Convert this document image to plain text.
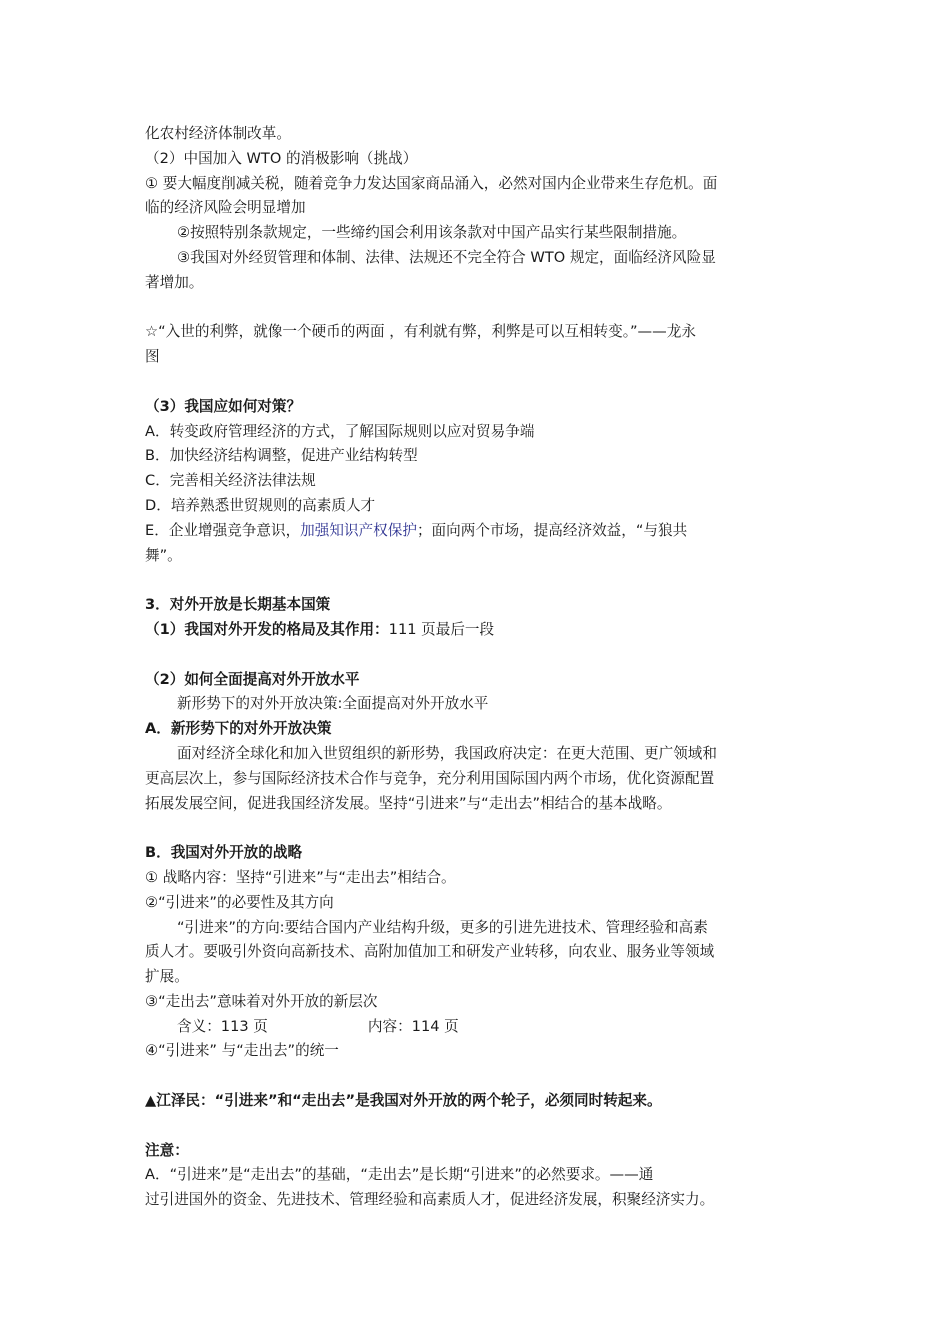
化农村经济体制改革。
（2）中国加入 WTO 的消极影响（挑战）
① 要大幅度削减关税，随着竞争力发达国家商品涌入，必然对国内企业带来生存危机。面
临的经济风险会明显增加
②按照特别条款规定，一些缔约国会利用该条款对中国产品实行某些限制措施。
③我国对外经贸管理和体制、法律、法规还不完全符合 WTO 规定，面临经济风险显
著增加。
☆“入世的利弊，就像一个硬币的两面 ，有利就有弊，利弊是可以互相转变。”——龙永
图
（3）我国应如何对策？
A．转变政府管理经济的方式，了解国际规则以应对贸易争端
B．加快经济结构调整，促进产业结构转型
C．完善相关经济法律法规
D．培养熟悉世贸规则的高素质人才
E．企业增强竞争意识，加强知识产权保护；面向两个市场，提高经济效益，“与狼共
舞”。
3．对外开放是长期基本国策
（1）我国对外开发的格局及其作用：111 页最后一段
（2）如何全面提高对外开放水平
新形势下的对外开放决策:全面提高对外开放水平
A．新形势下的对外开放决策
面对经济全球化和加入世贸组织的新形势，我国政府决定：在更大范围、更广领域和
更高层次上，参与国际经济技术合作与竞争，充分利用国际国内两个市场，优化资源配置
拓展发展空间，促进我国经济发展。坚持“引进来”与“走出去”相结合的基本战略。
B．我国对外开放的战略
① 战略内容：坚持“引进来”与“走出去”相结合。
②“引进来”的必要性及其方向
“引进来”的方向:要结合国内产业结构升级，更多的引进先进技术、管理经验和高素
质人才。要吸引外资向高新技术、高附加值加工和研发产业转移，向农业、服务业等领域
扩展。
③“走出去”意味着对外开放的新层次
含义：113 页	内容：114 页
④“引进来” 与“走出去”的统一
▲江泽民：“引进来”和“走出去”是我国对外开放的两个轮子，必须同时转起来。
注意：
A．“引进来”是“走出去”的基础，“走出去”是长期“引进来”的必然要求。——通
过引进国外的资金、先进技术、管理经验和高素质人才，促进经济发展，积聚经济实力。
